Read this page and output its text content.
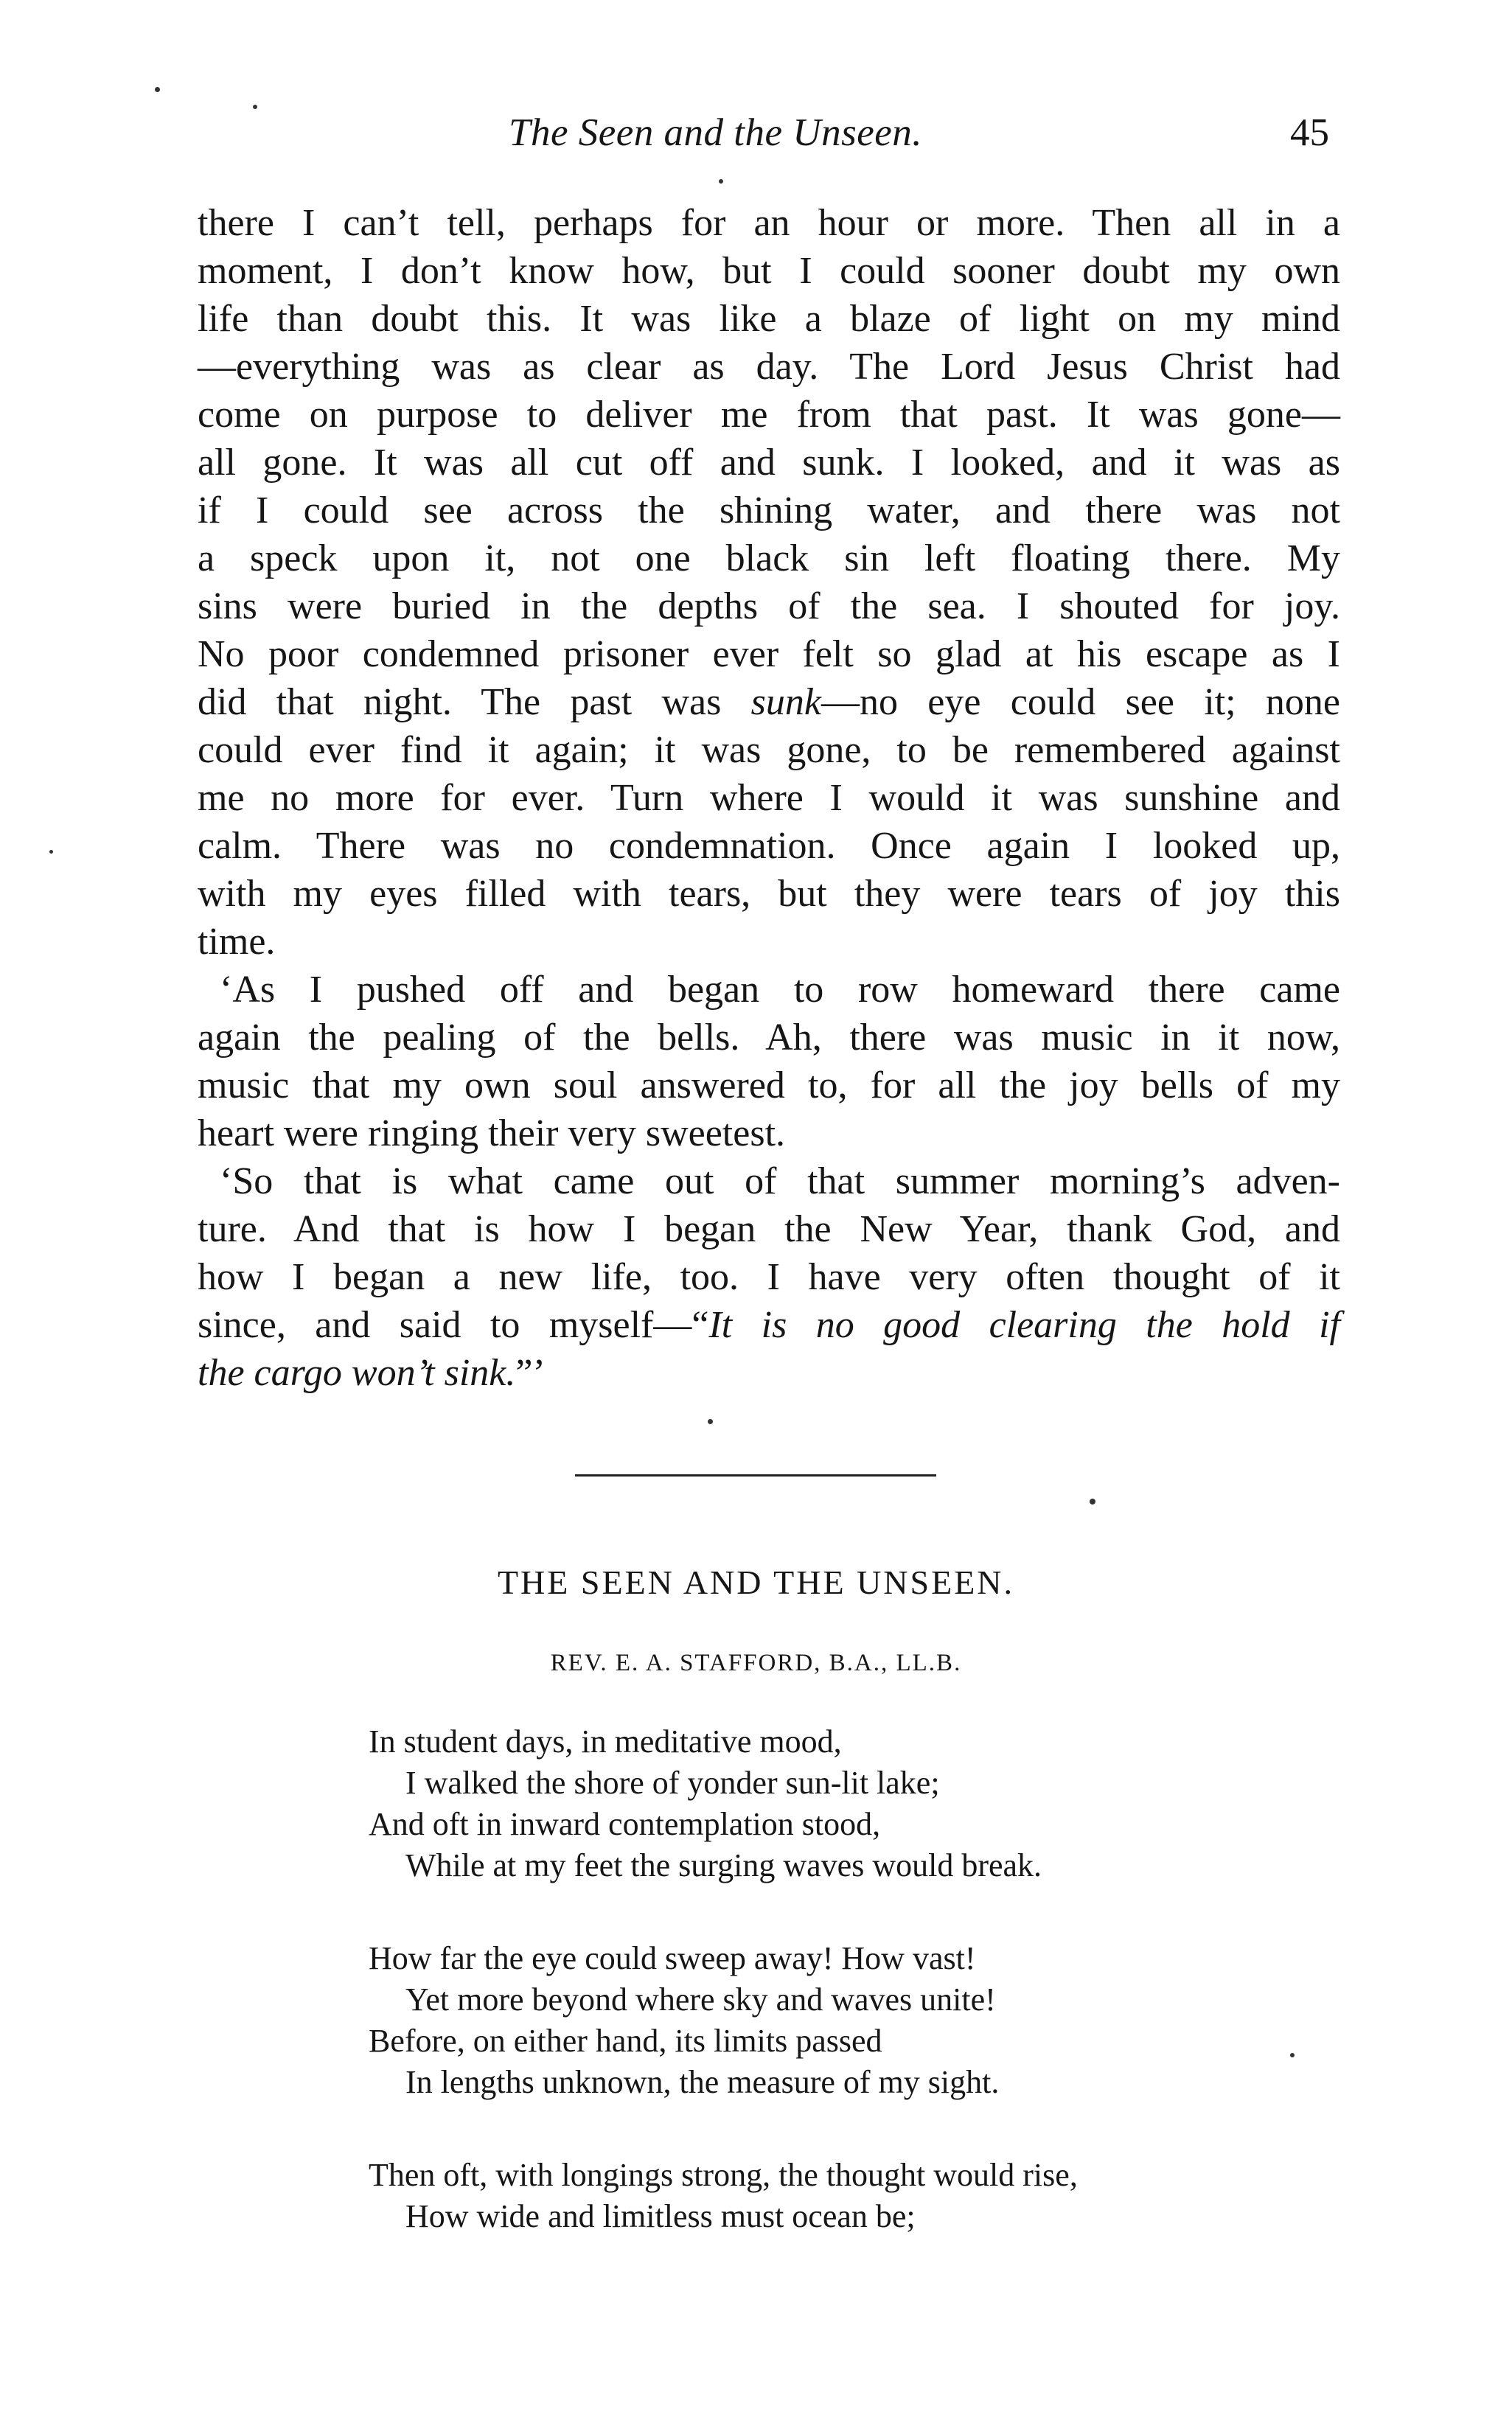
The Seen and the Unseen.	45
there I can’t tell, perhaps for an hour or more. Then all in a
moment, I don’t know how, but I could sooner doubt my own
life than doubt this. It was like a blaze of light on my mind
—everything was as clear as day. The Lord Jesus Christ had
come on purpose to deliver me from that past. It was gone—
all gone. It was all cut off and sunk. I looked, and it was as
if I could see across the shining water, and there was not
a speck upon it, not one black sin left floating there. My
sins were buried in the depths of the sea. I shouted for joy.
No poor condemned prisoner ever felt so glad at his escape as I
did that night. The past was sunk—no eye could see it; none
could ever find it again; it was gone, to be remembered against
me no more for ever. Turn where I would it was sunshine and
calm. There was no condemnation. Once again I looked up,
with my eyes filled with tears, but they were tears of joy this
time.
‘As I pushed off and began to row homeward there came
again the pealing of the bells. Ah, there was music in it now,
music that my own soul answered to, for all the joy bells of my
heart were ringing their very sweetest.
‘So that is what came out of that summer morning’s adven-
ture. And that is how I began the New Year, thank God, and
how I began a new life, too. I have very often thought of it
since, and said to myself—“It is no good clearing the hold if
the cargo won’t sink.”’
THE SEEN AND THE UNSEEN.
REV. E. A. STAFFORD, B.A., LL.B.
In student days, in meditative mood,
I walked the shore of yonder sun-lit lake;
And oft in inward contemplation stood,
While at my feet the surging waves would break.
How far the eye could sweep away! How vast!
Yet more beyond where sky and waves unite!
Before, on either hand, its limits passed
In lengths unknown, the measure of my sight.
Then oft, with longings strong, the thought would rise,
How wide and limitless must ocean be;
